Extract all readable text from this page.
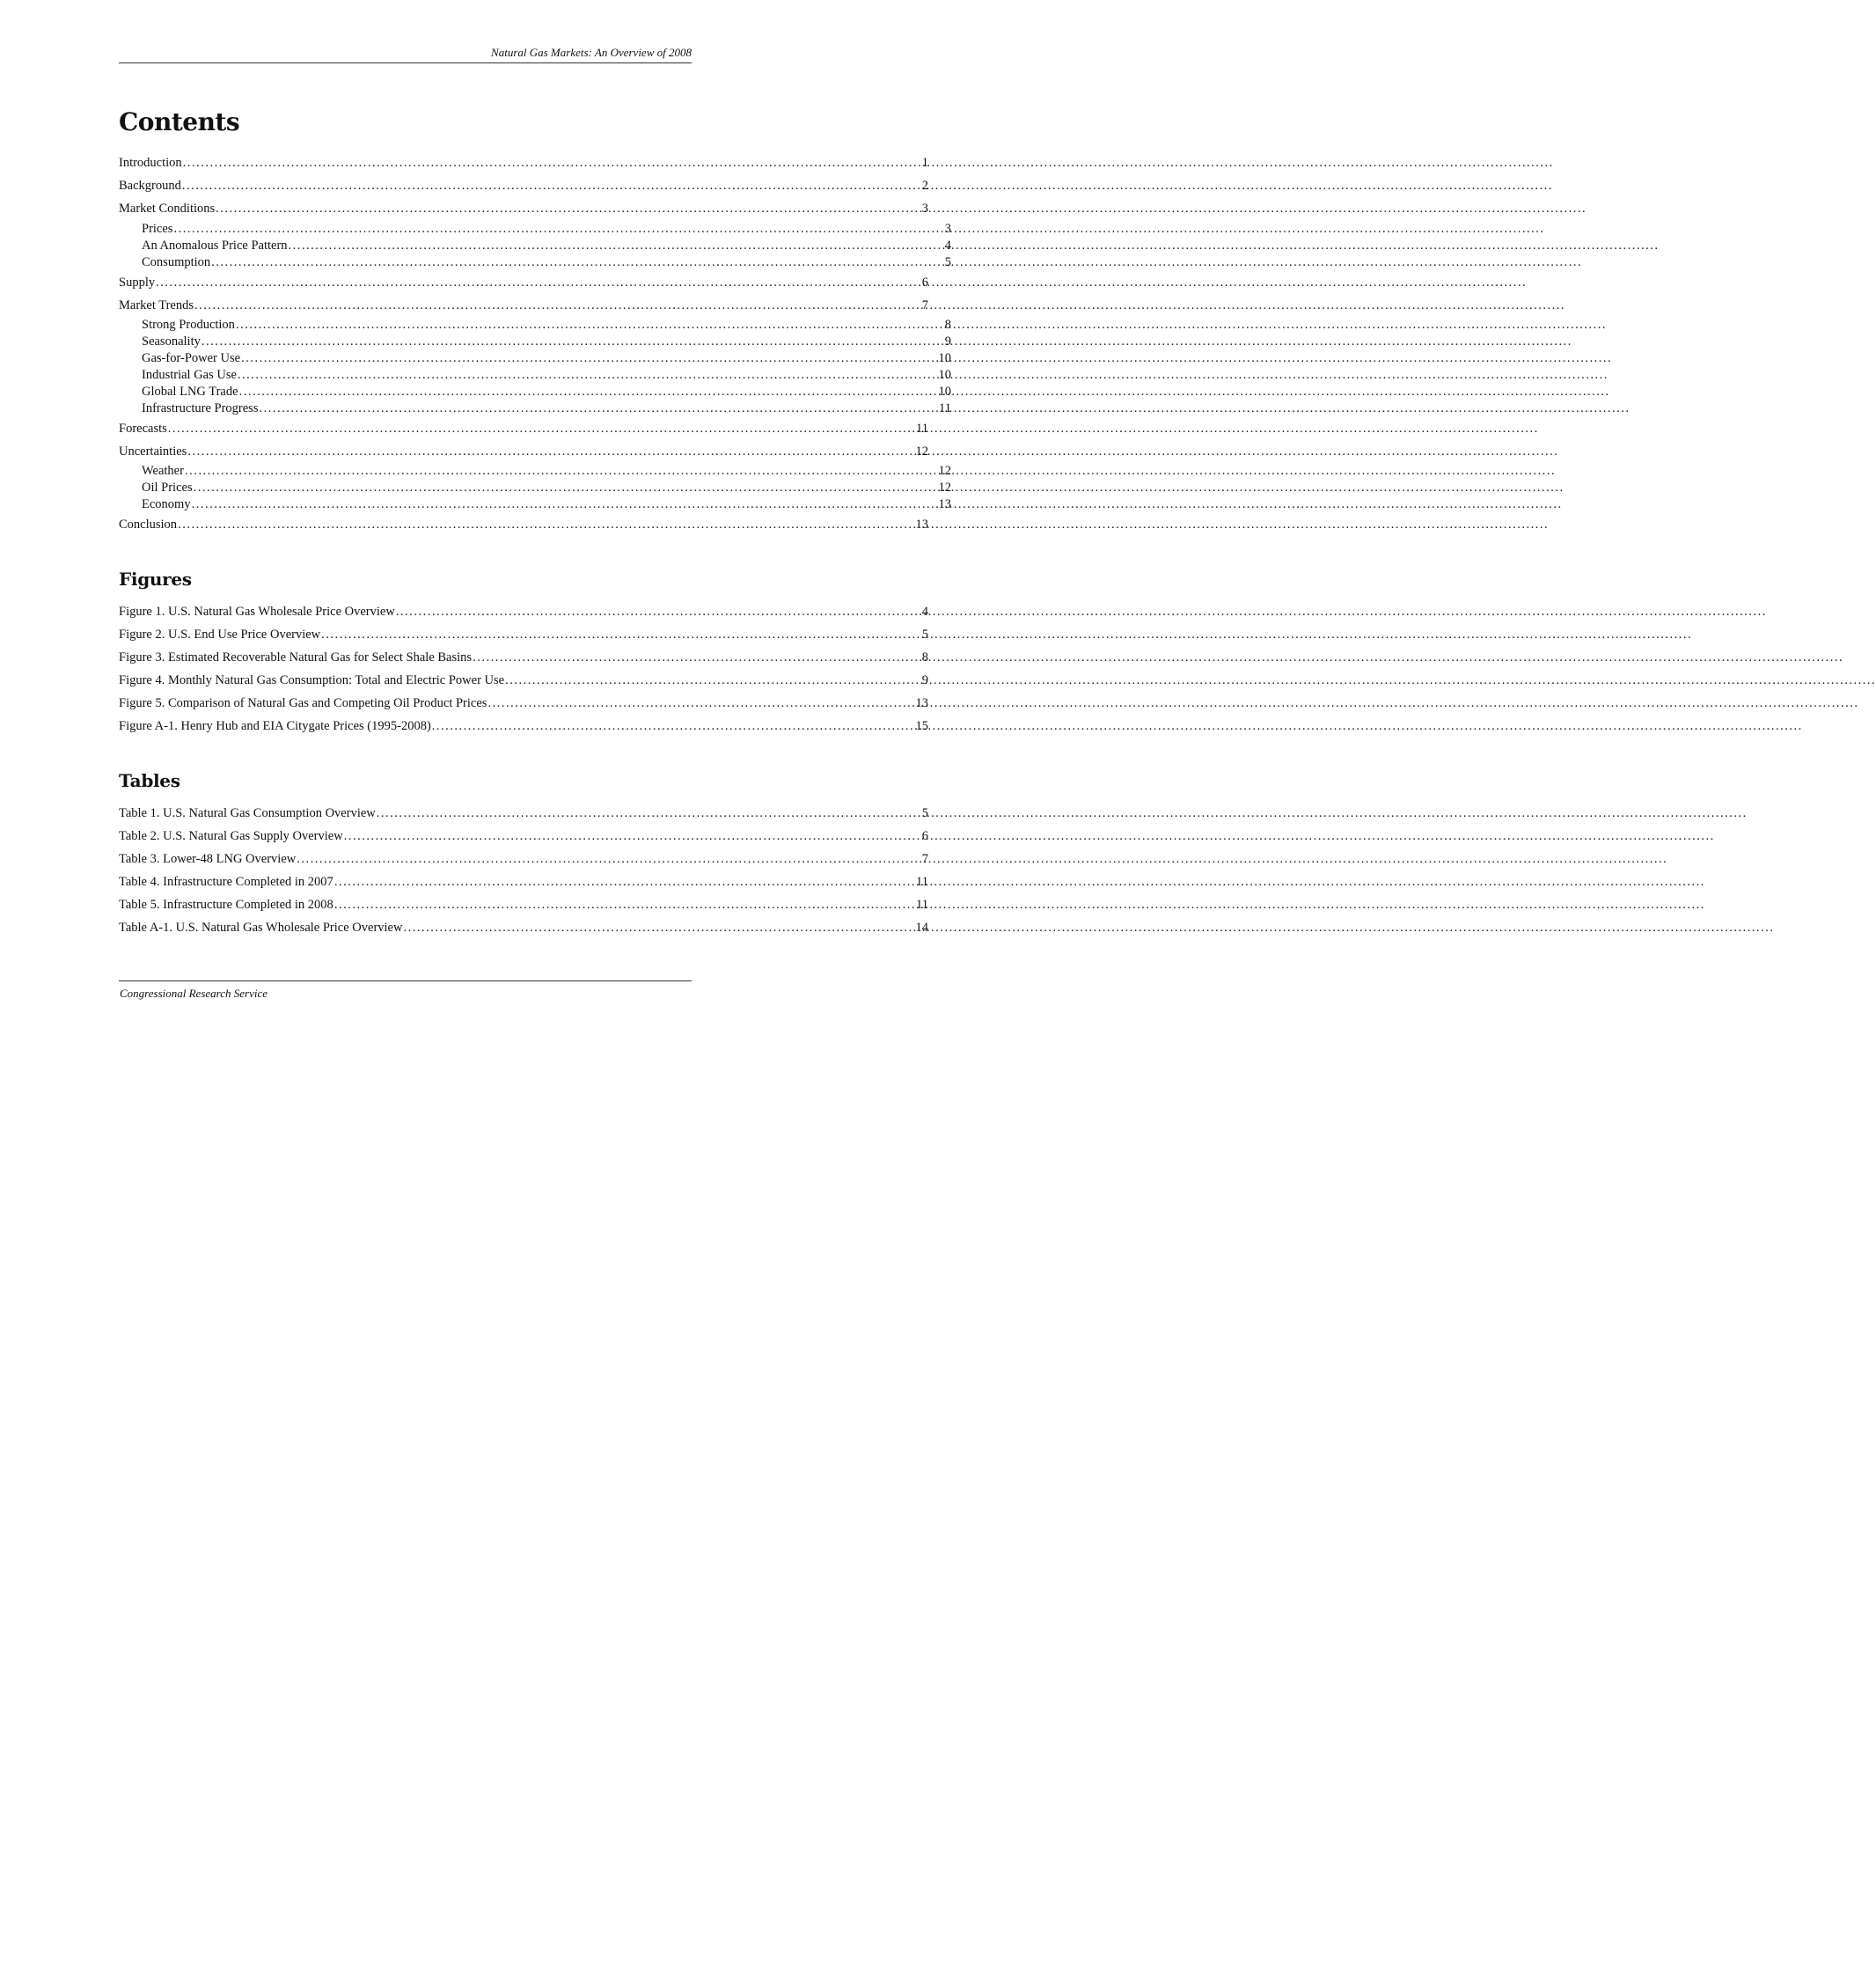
Natural Gas Markets: An Overview of 2008
Contents
Introduction .....	1
Background .....	2
Market Conditions .....	3
Prices .....	3
An Anomalous Price Pattern .....	4
Consumption .....	5
Supply .....	6
Market Trends .....	7
Strong Production .....	8
Seasonality .....	9
Gas-for-Power Use .....	10
Industrial Gas Use .....	10
Global LNG Trade .....	10
Infrastructure Progress .....	11
Forecasts .....	11
Uncertainties .....	12
Weather .....	12
Oil Prices .....	12
Economy .....	13
Conclusion .....	13
Figures
Figure 1. U.S. Natural Gas Wholesale Price Overview .....	4
Figure 2. U.S. End Use Price Overview .....	5
Figure 3. Estimated Recoverable Natural Gas for Select Shale Basins .....	8
Figure 4. Monthly Natural Gas Consumption: Total and Electric Power Use .....	9
Figure 5. Comparison of Natural Gas and Competing Oil Product Prices .....	13
Figure A-1. Henry Hub and EIA Citygate Prices (1995-2008) .....	15
Tables
Table 1. U.S. Natural Gas Consumption Overview .....	5
Table 2. U.S. Natural Gas Supply Overview .....	6
Table 3. Lower-48 LNG Overview .....	7
Table 4. Infrastructure Completed in 2007 .....	11
Table 5. Infrastructure Completed in 2008 .....	11
Table A-1. U.S. Natural Gas Wholesale Price Overview .....	14
Congressional Research Service
